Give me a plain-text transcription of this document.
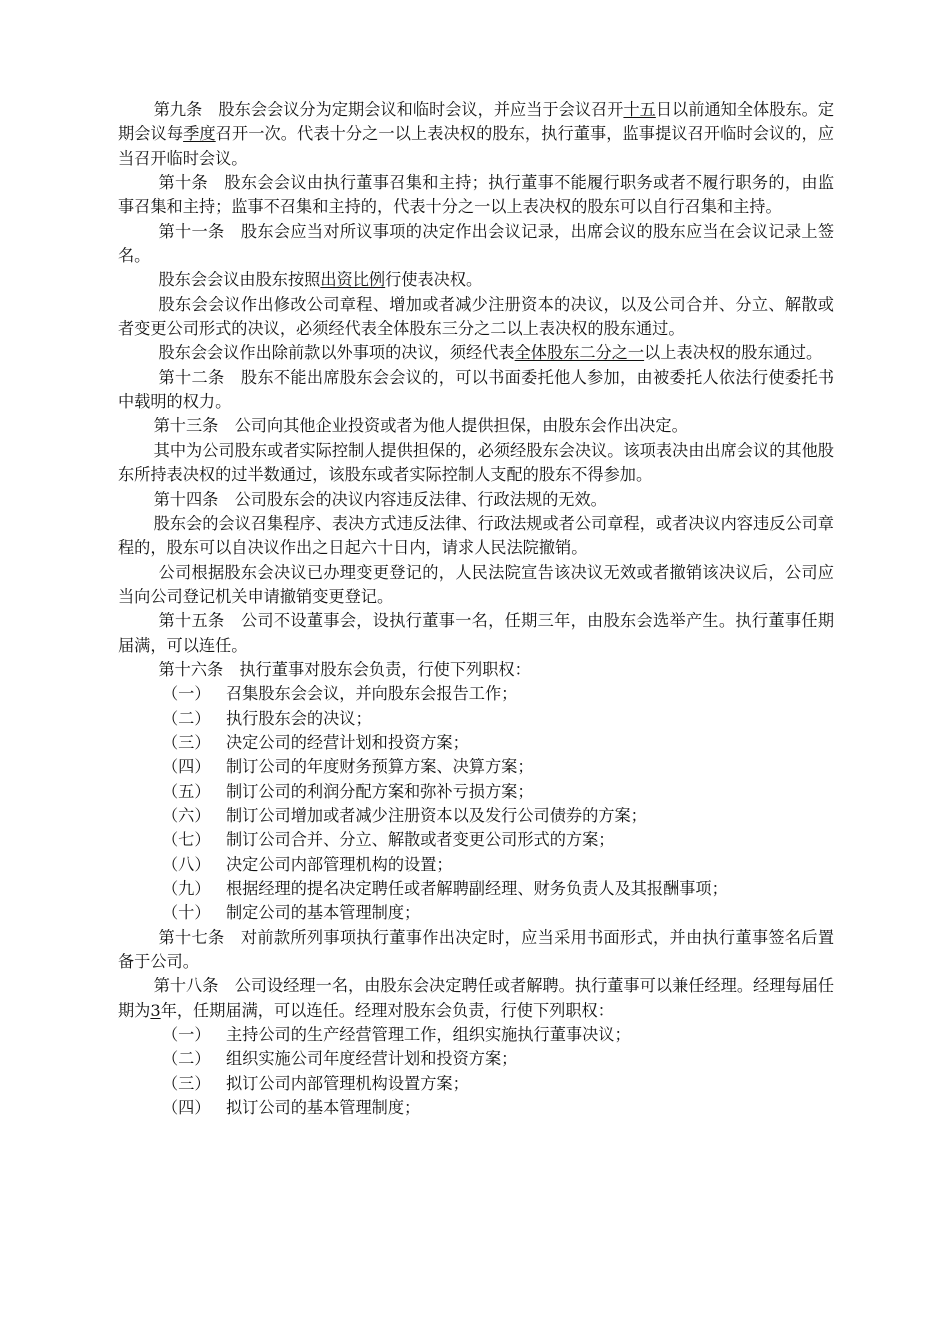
第九条  股东会会议分为定期会议和临时会议，并应当于会议召开十五日以前通知全体股东。定期会议每季度召开一次。代表十分之一以上表决权的股东，执行董事，监事提议召开临时会议的，应当召开临时会议。

第十条  股东会会议由执行董事召集和主持；执行董事不能履行职务或者不履行职务的，由监事召集和主持；监事不召集和主持的，代表十分之一以上表决权的股东可以自行召集和主持。

第十一条  股东会应当对所议事项的决定作出会议记录，出席会议的股东应当在会议记录上签名。

股东会会议由股东按照出资比例行使表决权。

股东会会议作出修改公司章程、增加或者减少注册资本的决议，以及公司合并、分立、解散或者变更公司形式的决议，必须经代表全体股东三分之二以上表决权的股东通过。

股东会会议作出除前款以外事项的决议，须经代表全体股东二分之一以上表决权的股东通过。

第十二条  股东不能出席股东会会议的，可以书面委托他人参加，由被委托人依法行使委托书中载明的权力。

第十三条  公司向其他企业投资或者为他人提供担保，由股东会作出决定。

其中为公司股东或者实际控制人提供担保的，必须经股东会决议。该项表决由出席会议的其他股东所持表决权的过半数通过，该股东或者实际控制人支配的股东不得参加。

第十四条  公司股东会的决议内容违反法律、行政法规的无效。

股东会的会议召集程序、表决方式违反法律、行政法规或者公司章程，或者决议内容违反公司章程的，股东可以自决议作出之日起六十日内，请求人民法院撤销。

公司根据股东会决议已办理变更登记的，人民法院宣告该决议无效或者撤销该决议后，公司应当向公司登记机关申请撤销变更登记。

第十五条  公司不设董事会，设执行董事一名，任期三年，由股东会选举产生。执行董事任期届满，可以连任。

第十六条  执行董事对股东会负责，行使下列职权：

（一） 召集股东会会议，并向股东会报告工作；

（二） 执行股东会的决议；

（三） 决定公司的经营计划和投资方案；

（四） 制订公司的年度财务预算方案、决算方案；

（五） 制订公司的利润分配方案和弥补亏损方案；

（六） 制订公司增加或者减少注册资本以及发行公司债券的方案；

（七） 制订公司合并、分立、解散或者变更公司形式的方案；

（八） 决定公司内部管理机构的设置；

（九） 根据经理的提名决定聘任或者解聘副经理、财务负责人及其报酬事项；

（十） 制定公司的基本管理制度；

第十七条  对前款所列事项执行董事作出决定时，应当采用书面形式，并由执行董事签名后置备于公司。

第十八条  公司设经理一名，由股东会决定聘任或者解聘。执行董事可以兼任经理。经理每届任期为3年，任期届满，可以连任。经理对股东会负责，行使下列职权：

（一） 主持公司的生产经营管理工作，组织实施执行董事决议；

（二） 组织实施公司年度经营计划和投资方案；

（三） 拟订公司内部管理机构设置方案；

（四） 拟订公司的基本管理制度；
